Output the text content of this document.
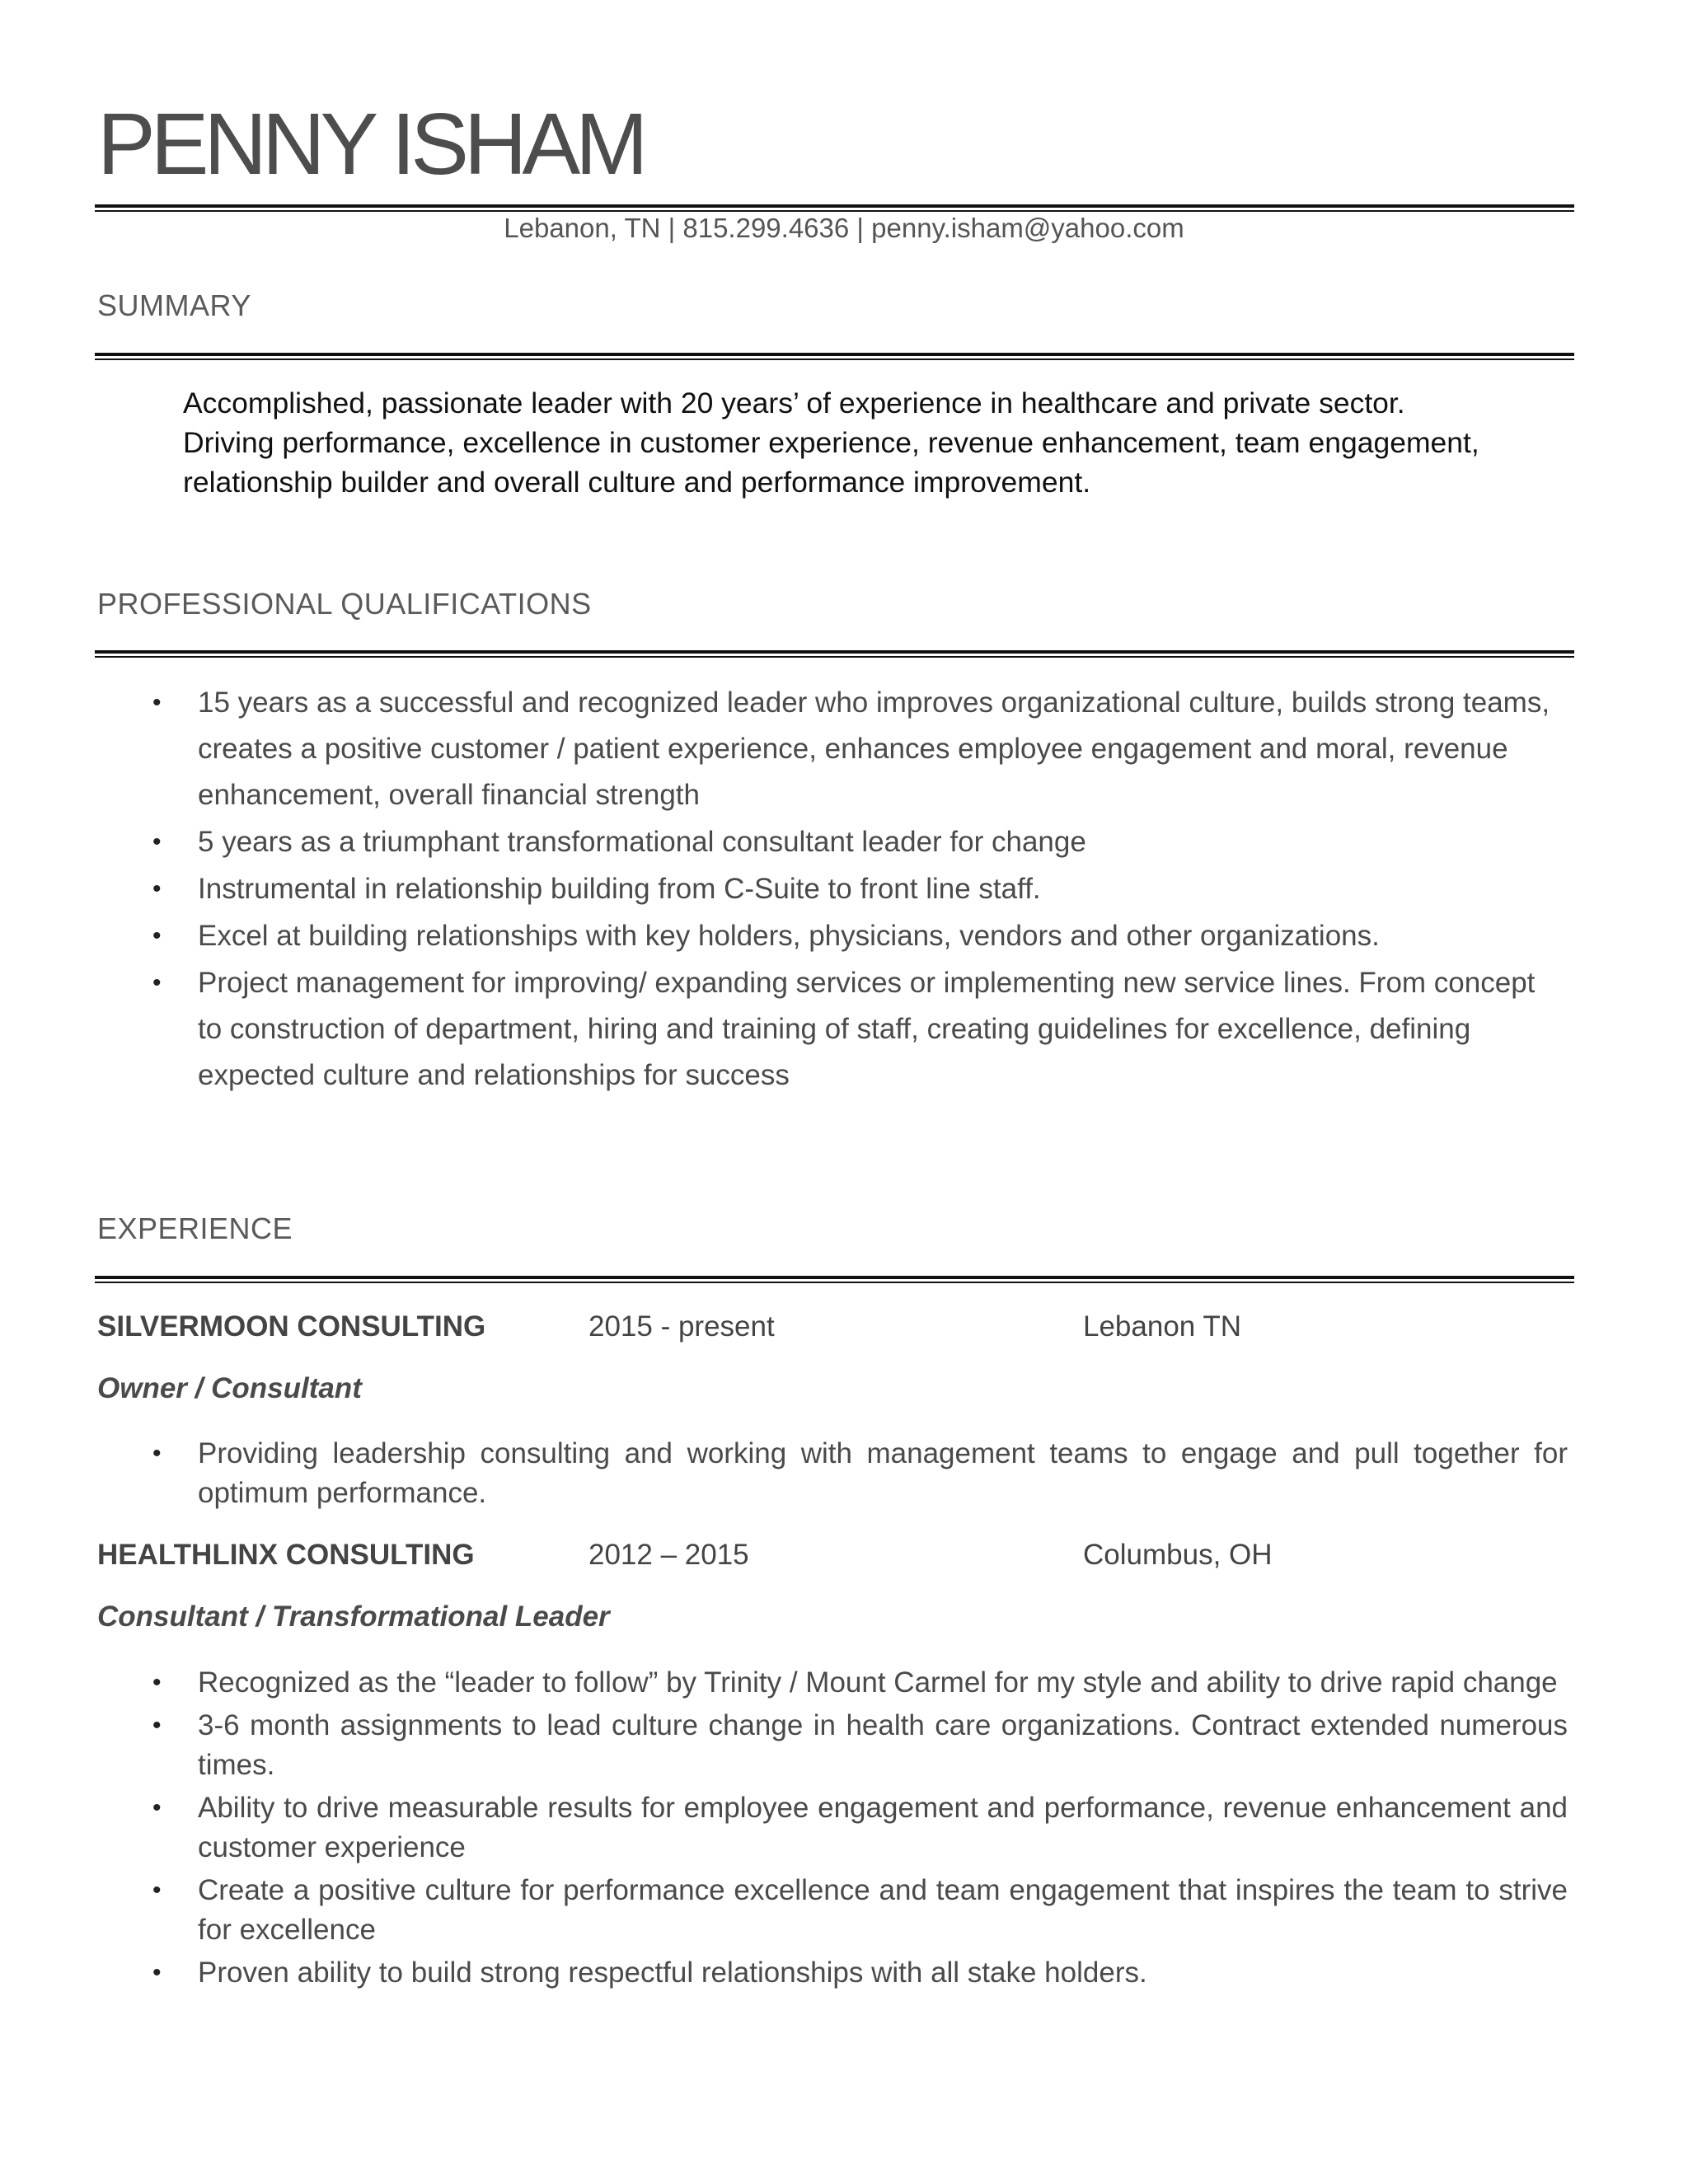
PENNY ISHAM
Lebanon, TN | 815.299.4636 | penny.isham@yahoo.com
SUMMARY

Accomplished, passionate leader with 20 years’ of experience in healthcare and private sector.

Driving performance, excellence in customer experience, revenue enhancement, team engagement,

relationship builder and overall culture and performance improvement.

PROFESSIONAL QUALIFICATIONS
• 15 years as a successful and recognized leader who improves organizational culture, builds strong teams, creates a positive customer / patient experience, enhances employee engagement and moral, revenue enhancement, overall financial strength
• 5 years as a triumphant transformational consultant leader for change
• Instrumental in relationship building from C-Suite to front line staff.
• Excel at building relationships with key holders, physicians, vendors and other organizations.
• Project management for improving/ expanding services or implementing new service lines. From concept to construction of department, hiring and training of staff, creating guidelines for excellence, defining expected culture and relationships for success
EXPERIENCE
SILVERMOON CONSULTING	2015 - present	Lebanon TN
Owner / Consultant
• Providing leadership consulting and working with management teams to engage and pull together for optimum performance.
HEALTHLINX CONSULTING	2012 – 2015	Columbus, OH
Consultant / Transformational Leader
• Recognized as the “leader to follow” by Trinity / Mount Carmel for my style and ability to drive rapid change
• 3-6 month assignments to lead culture change in health care organizations. Contract extended numerous times.
• Ability to drive measurable results for employee engagement and performance, revenue enhancement and customer experience
• Create a positive culture for performance excellence and team engagement that inspires the team to strive for excellence
• Proven ability to build strong respectful relationships with all stake holders.
